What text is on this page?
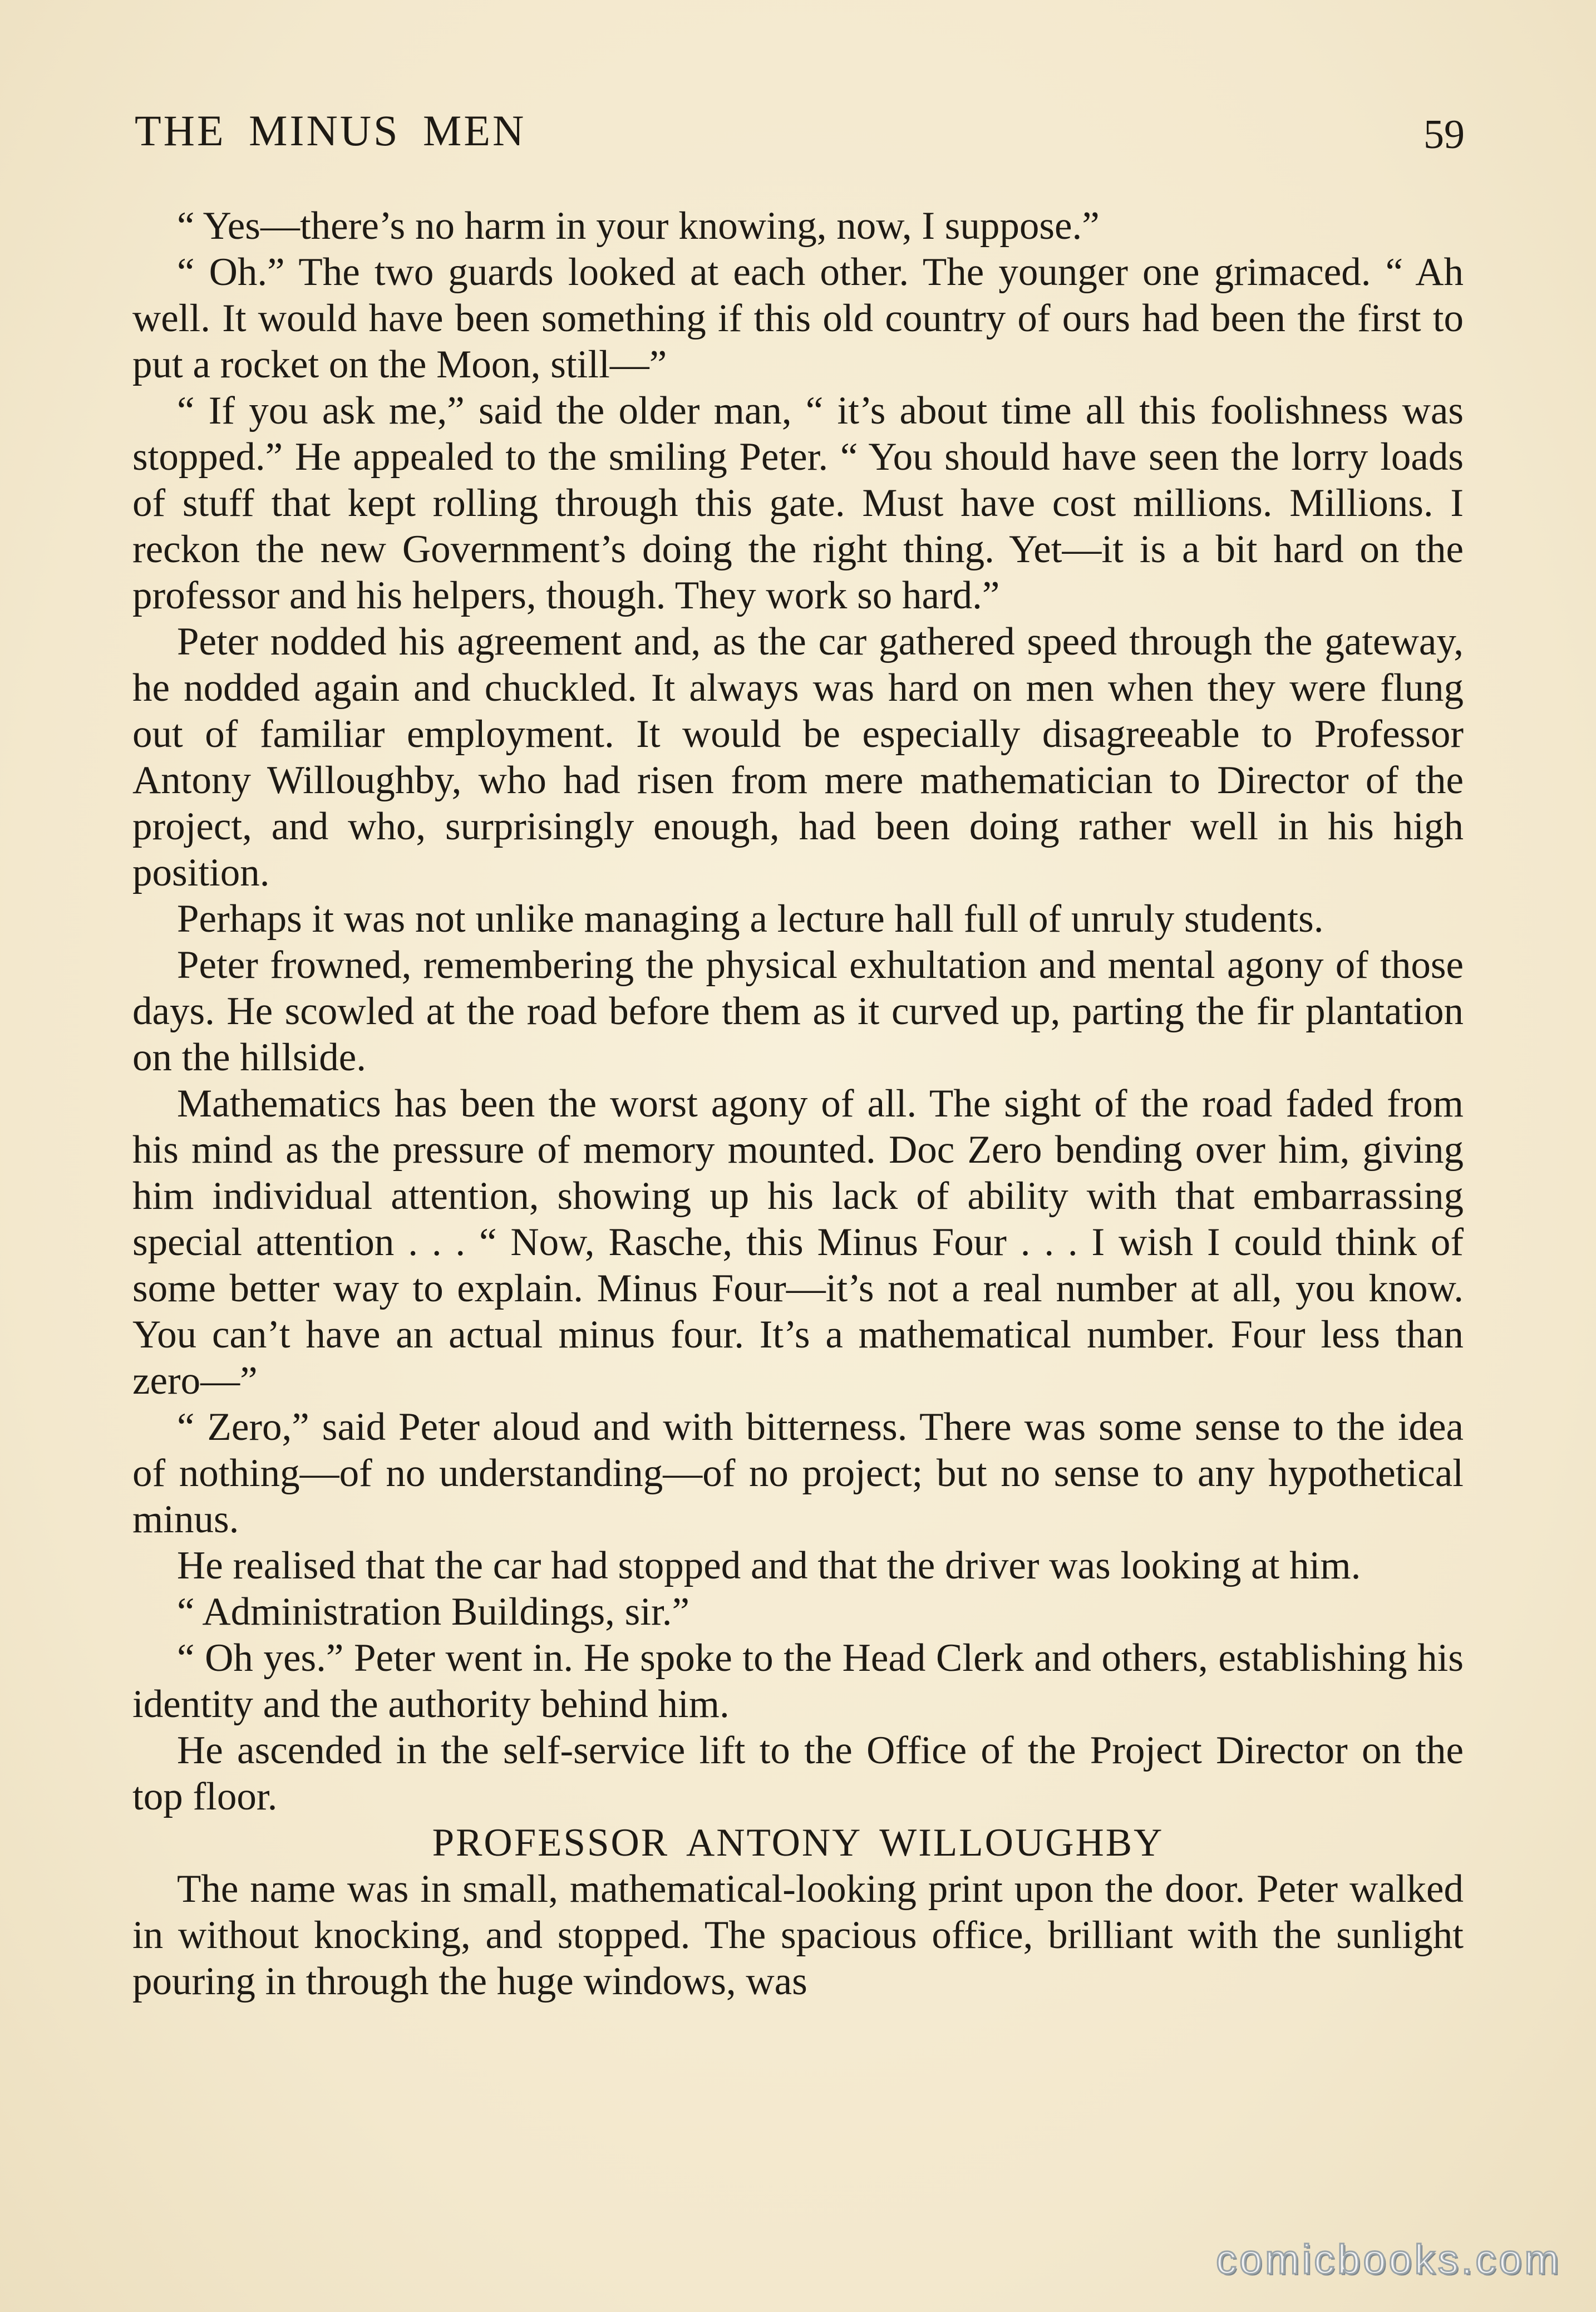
THE MINUS MEN	59

“ Yes—there’s no harm in your knowing, now, I suppose.”

“ Oh.” The two guards looked at each other. The younger one grimaced. “ Ah well. It would have been something if this old country of ours had been the first to put a rocket on the Moon, still—”

“ If you ask me,” said the older man, “ it’s about time all this foolishness was stopped.” He appealed to the smiling Peter. “ You should have seen the lorry loads of stuff that kept rolling through this gate. Must have cost millions. Millions. I reckon the new Government’s doing the right thing. Yet—it is a bit hard on the professor and his helpers, though. They work so hard.”

Peter nodded his agreement and, as the car gathered speed through the gateway, he nodded again and chuckled. It always was hard on men when they were flung out of familiar employment. It would be especially disagreeable to Professor Antony Willoughby, who had risen from mere mathematician to Director of the project, and who, surprisingly enough, had been doing rather well in his high position.

Perhaps it was not unlike managing a lecture hall full of unruly students.

Peter frowned, remembering the physical exhultation and mental agony of those days. He scowled at the road before them as it curved up, parting the fir plantation on the hillside.

Mathematics has been the worst agony of all. The sight of the road faded from his mind as the pressure of memory mounted. Doc Zero bending over him, giving him individual attention, showing up his lack of ability with that embarrassing special attention . . . “ Now, Rasche, this Minus Four . . . I wish I could think of some better way to explain. Minus Four—it’s not a real number at all, you know. You can’t have an actual minus four. It’s a mathematical number. Four less than zero—”

“ Zero,” said Peter aloud and with bitterness. There was some sense to the idea of nothing—of no understanding—of no project; but no sense to any hypothetical minus.

He realised that the car had stopped and that the driver was looking at him.

“ Administration Buildings, sir.”

“ Oh yes.” Peter went in. He spoke to the Head Clerk and others, establishing his identity and the authority behind him.

He ascended in the self-service lift to the Office of the Project Director on the top floor.

PROFESSOR ANTONY WILLOUGHBY

The name was in small, mathematical-looking print upon the door. Peter walked in without knocking, and stopped. The spacious office, brilliant with the sunlight pouring in through the huge windows, was

comicbooks.com
